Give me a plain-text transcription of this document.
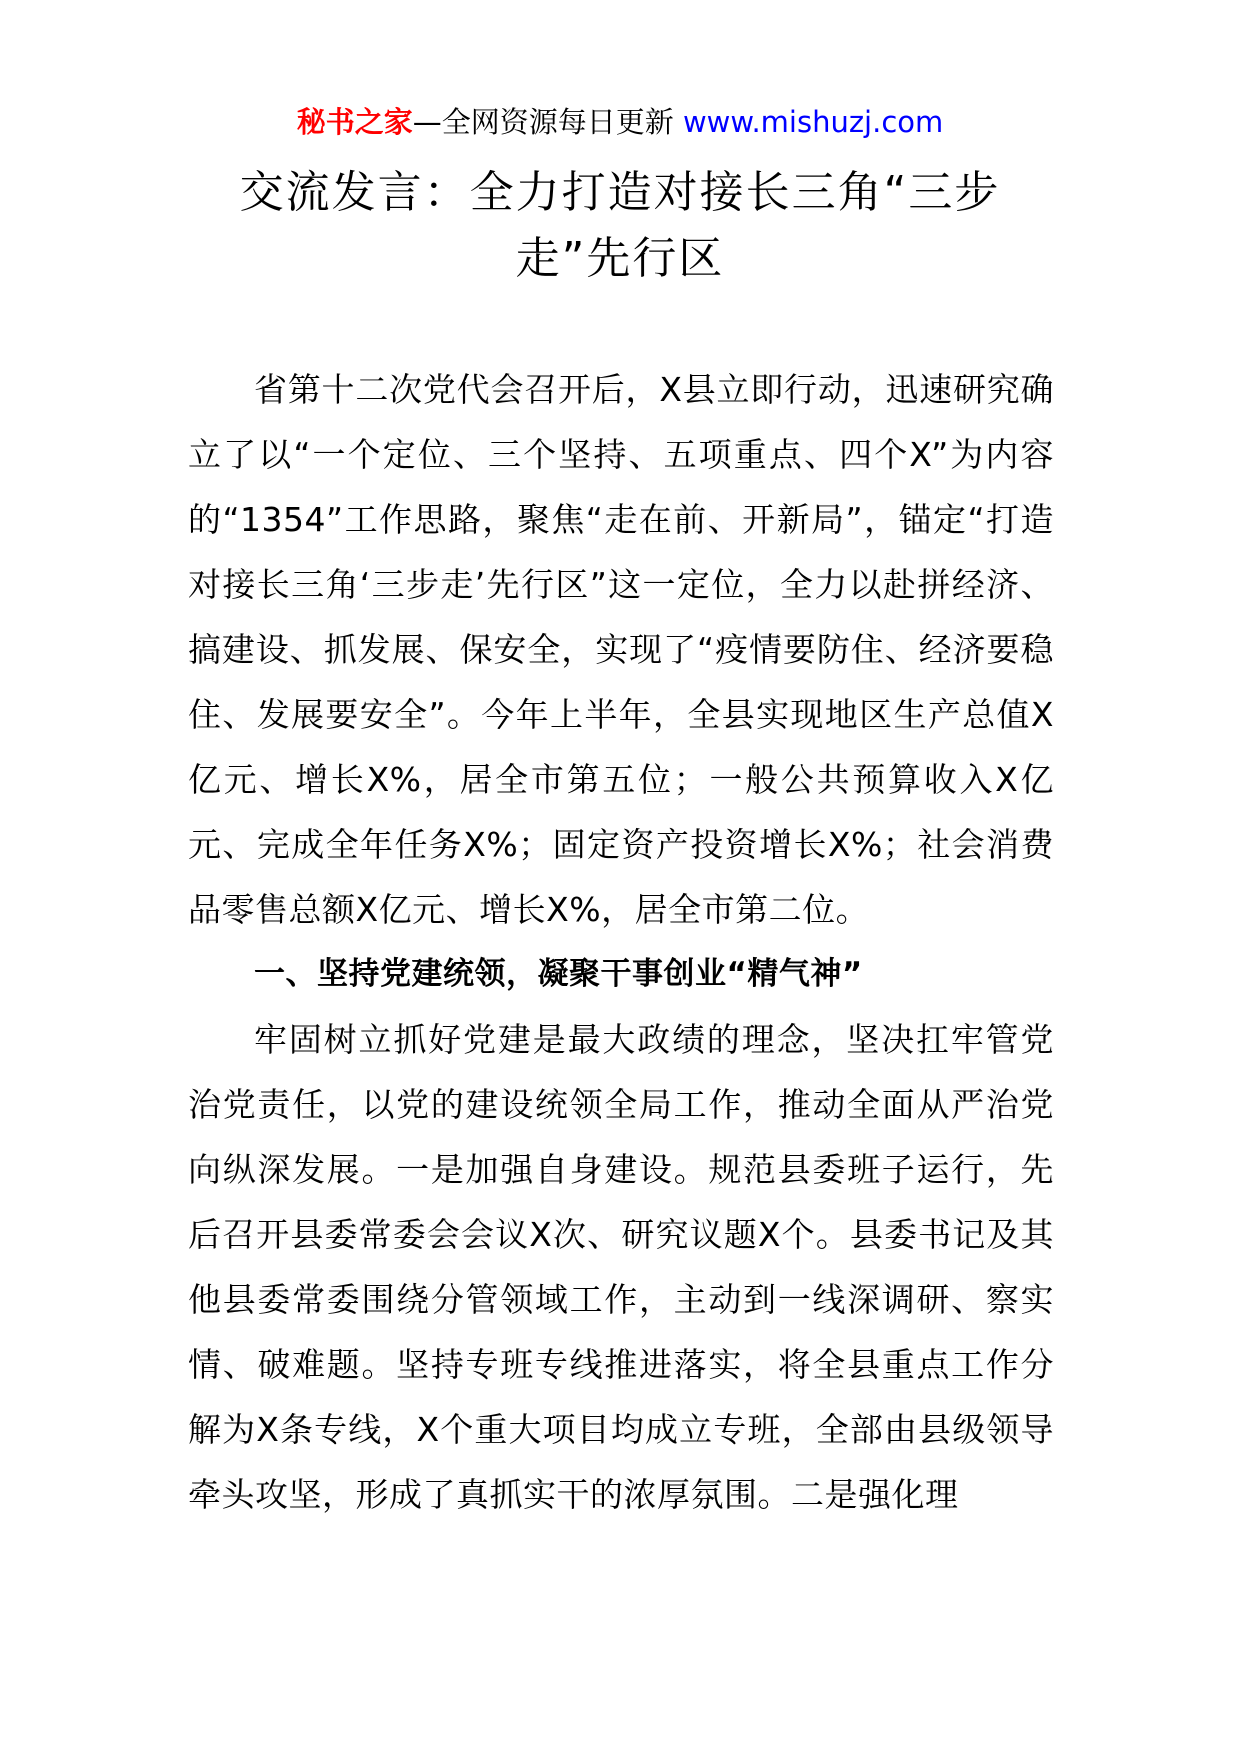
秘书之家—全网资源每日更新 www.mishuzj.com
交流发言：全力打造对接长三角“三步走”先行区

省第十二次党代会召开后，X县立即行动，迅速研究确立了以“一个定位、三个坚持、五项重点、四个X”为内容的“1354”工作思路，聚焦“走在前、开新局”，锚定“打造对接长三角‘三步走’先行区”这一定位，全力以赴拼经济、搞建设、抓发展、保安全，实现了“疫情要防住、经济要稳住、发展要安全”。今年上半年，全县实现地区生产总值X亿元、增长X%，居全市第五位；一般公共预算收入X亿元、完成全年任务X%；固定资产投资增长X%；社会消费品零售总额X亿元、增长X%，居全市第二位。

一、坚持党建统领，凝聚干事创业“精气神”

牢固树立抓好党建是最大政绩的理念，坚决扛牢管党治党责任，以党的建设统领全局工作，推动全面从严治党向纵深发展。一是加强自身建设。规范县委班子运行，先后召开县委常委会会议X次、研究议题X个。县委书记及其他县委常委围绕分管领域工作，主动到一线深调研、察实情、破难题。坚持专班专线推进落实，将全县重点工作分解为X条专线，X个重大项目均成立专班，全部由县级领导牵头攻坚，形成了真抓实干的浓厚氛围。二是强化理
